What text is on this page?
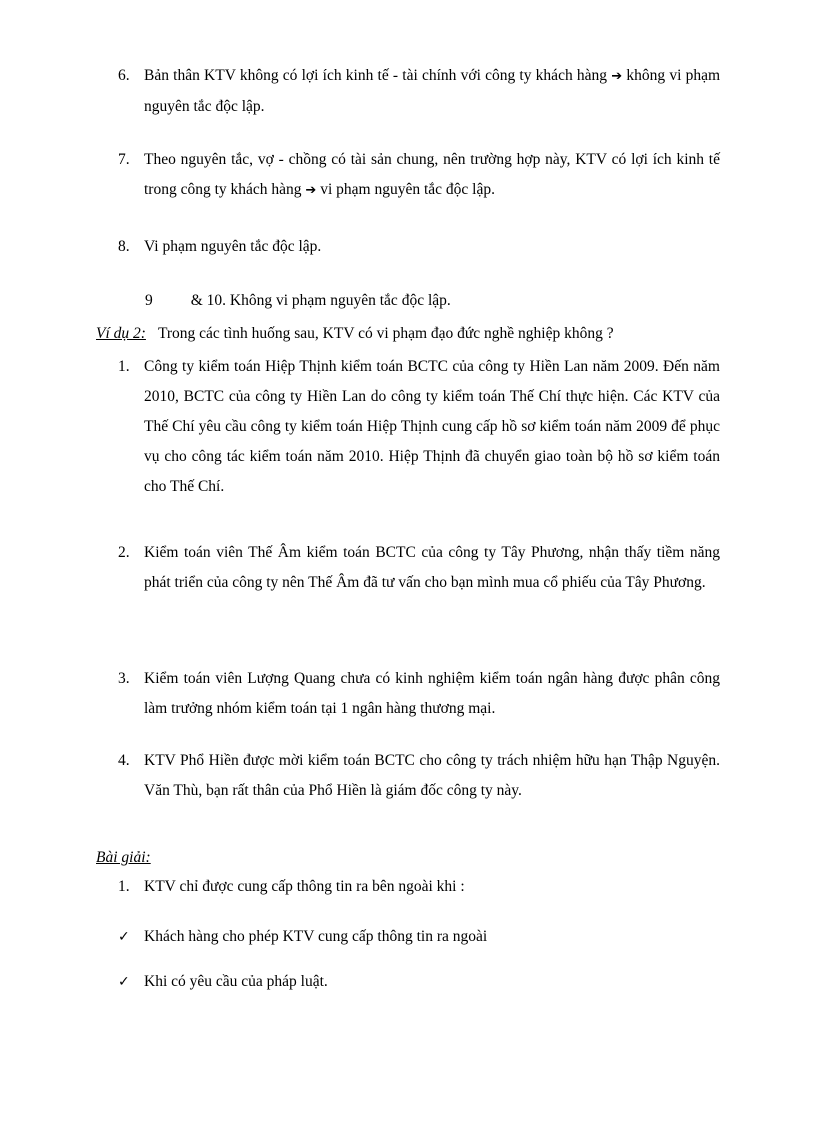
6. Bản thân KTV không có lợi ích kinh tế - tài chính với công ty khách hàng ➔ không vi phạm nguyên tắc độc lập.
7. Theo nguyên tắc, vợ - chồng có tài sản chung, nên trường hợp này, KTV có lợi ích kinh tế trong công ty khách hàng ➔ vi phạm nguyên tắc độc lập.
8. Vi phạm nguyên tắc độc lập.
9 & 10. Không vi phạm nguyên tắc độc lập.
Ví dụ 2: Trong các tình huống sau, KTV có vi phạm đạo đức nghề nghiệp không ?
1. Công ty kiểm toán Hiệp Thịnh kiểm toán BCTC của công ty Hiền Lan năm 2009. Đến năm 2010, BCTC của công ty Hiền Lan do công ty kiểm toán Thế Chí thực hiện. Các KTV của Thế Chí yêu cầu công ty kiểm toán Hiệp Thịnh cung cấp hồ sơ kiểm toán năm 2009 để phục vụ cho công tác kiểm toán năm 2010. Hiệp Thịnh đã chuyển giao toàn bộ hồ sơ kiểm toán cho Thế Chí.
2. Kiểm toán viên Thế Âm kiểm toán BCTC của công ty Tây Phương, nhận thấy tiềm năng phát triển của công ty nên Thế Âm đã tư vấn cho bạn mình mua cổ phiếu của Tây Phương.
3. Kiểm toán viên Lượng Quang chưa có kinh nghiệm kiểm toán ngân hàng được phân công làm trưởng nhóm kiểm toán tại 1 ngân hàng thương mại.
4. KTV Phổ Hiền được mời kiểm toán BCTC cho công ty trách nhiệm hữu hạn Thập Nguyện. Văn Thù, bạn rất thân của Phổ Hiền là giám đốc công ty này.
Bài giải:
1. KTV chỉ được cung cấp thông tin ra bên ngoài khi :
✓ Khách hàng cho phép KTV cung cấp thông tin ra ngoài
✓ Khi có yêu cầu của pháp luật.
